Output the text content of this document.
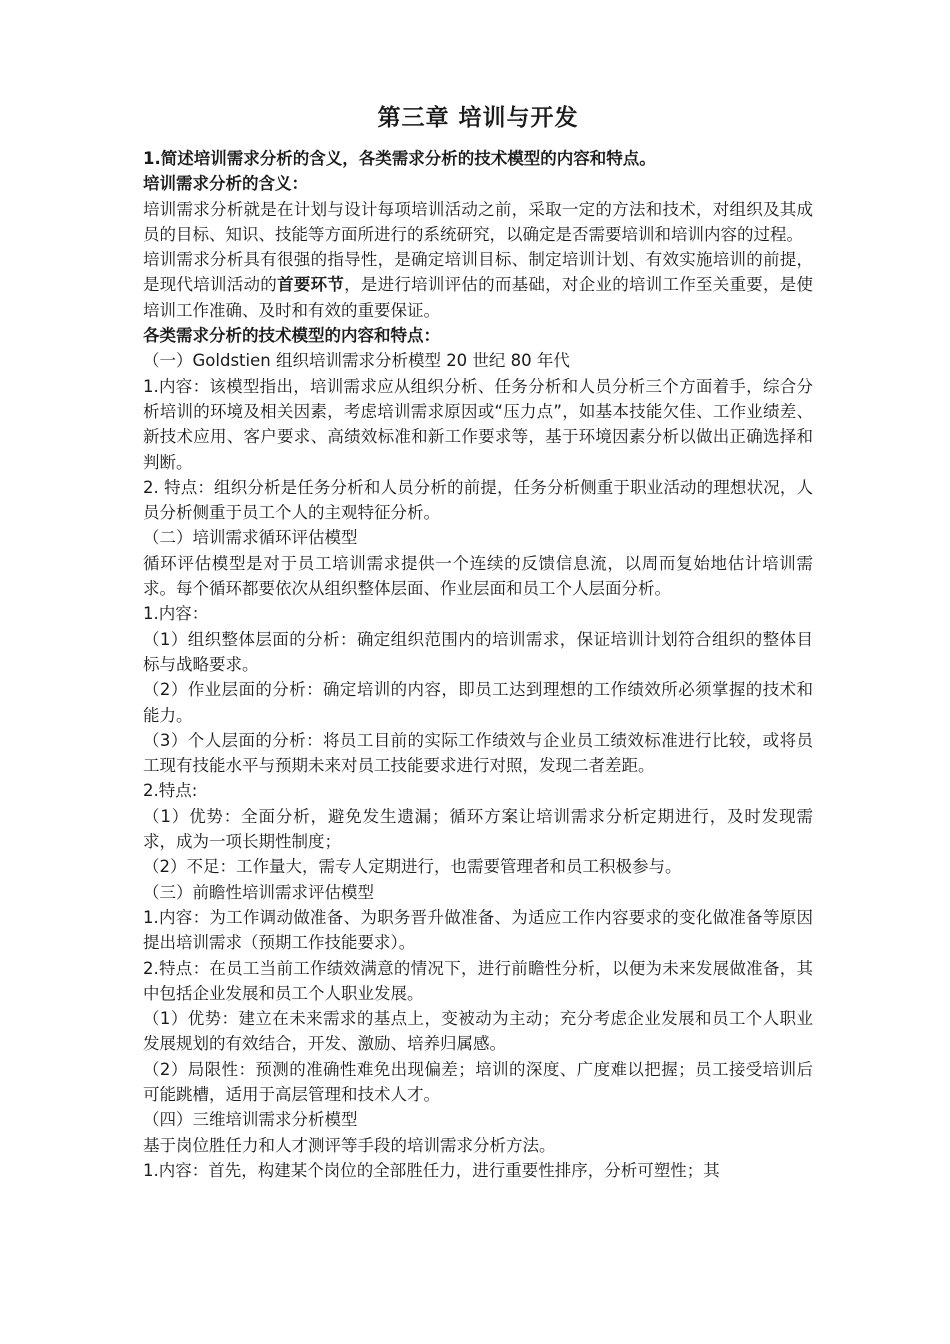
第三章 培训与开发

1.简述培训需求分析的含义，各类需求分析的技术模型的内容和特点。

培训需求分析的含义：

培训需求分析就是在计划与设计每项培训活动之前，采取一定的方法和技术，对组织及其成员的目标、知识、技能等方面所进行的系统研究，以确定是否需要培训和培训内容的过程。

培训需求分析具有很强的指导性，是确定培训目标、制定培训计划、有效实施培训的前提，是现代培训活动的首要环节，是进行培训评估的而基础，对企业的培训工作至关重要，是使培训工作准确、及时和有效的重要保证。

各类需求分析的技术模型的内容和特点：

（一）Goldstien 组织培训需求分析模型 20 世纪 80 年代

1.内容：该模型指出，培训需求应从组织分析、任务分析和人员分析三个方面着手，综合分析培训的环境及相关因素，考虑培训需求原因或“压力点”，如基本技能欠佳、工作业绩差、新技术应用、客户要求、高绩效标准和新工作要求等，基于环境因素分析以做出正确选择和判断。

2. 特点：组织分析是任务分析和人员分析的前提，任务分析侧重于职业活动的理想状况，人员分析侧重于员工个人的主观特征分析。

（二）培训需求循环评估模型

循环评估模型是对于员工培训需求提供一个连续的反馈信息流，以周而复始地估计培训需求。每个循环都要依次从组织整体层面、作业层面和员工个人层面分析。

1.内容：

（1）组织整体层面的分析：确定组织范围内的培训需求，保证培训计划符合组织的整体目标与战略要求。

（2）作业层面的分析：确定培训的内容，即员工达到理想的工作绩效所必须掌握的技术和能力。

（3）个人层面的分析：将员工目前的实际工作绩效与企业员工绩效标准进行比较，或将员工现有技能水平与预期未来对员工技能要求进行对照，发现二者差距。

2.特点:

（1）优势：全面分析，避免发生遗漏；循环方案让培训需求分析定期进行，及时发现需求，成为一项长期性制度；

（2）不足：工作量大，需专人定期进行，也需要管理者和员工积极参与。

（三）前瞻性培训需求评估模型

1.内容：为工作调动做准备、为职务晋升做准备、为适应工作内容要求的变化做准备等原因提出培训需求（预期工作技能要求）。

2.特点：在员工当前工作绩效满意的情况下，进行前瞻性分析，以便为未来发展做准备，其中包括企业发展和员工个人职业发展。

（1）优势：建立在未来需求的基点上，变被动为主动；充分考虑企业发展和员工个人职业发展规划的有效结合，开发、激励、培养归属感。

（2）局限性：预测的准确性难免出现偏差；培训的深度、广度难以把握；员工接受培训后可能跳槽，适用于高层管理和技术人才。

（四）三维培训需求分析模型

基于岗位胜任力和人才测评等手段的培训需求分析方法。

1.内容：首先，构建某个岗位的全部胜任力，进行重要性排序，分析可塑性；其
